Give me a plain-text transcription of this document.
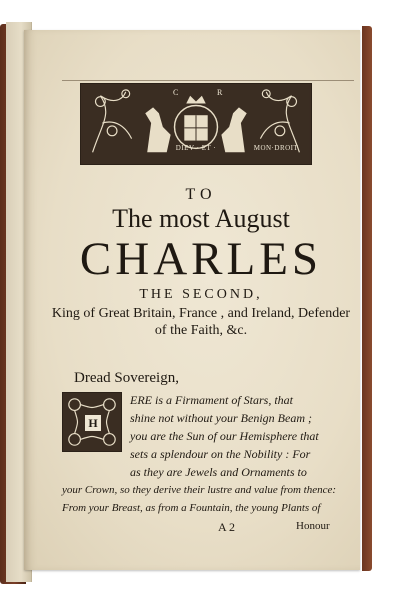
C	R
DIEV · ET ·	MON·DROIT
TO
The most August
CHARLES
THE SECOND,
King of Great Britain, France , and Ireland, Defender
of the Faith, &c.
Dread Sovereign,
H
ERE is a Firmament of Stars, that
shine not without your Benign Beam ;
you are the Sun of our Hemisphere that
sets a splendour on the Nobility : For
as they are Jewels and Ornaments to
your Crown, so they derive their lustre and value from thence:
From your Breast, as from a Fountain, the young Plants of
A 2	Honour
